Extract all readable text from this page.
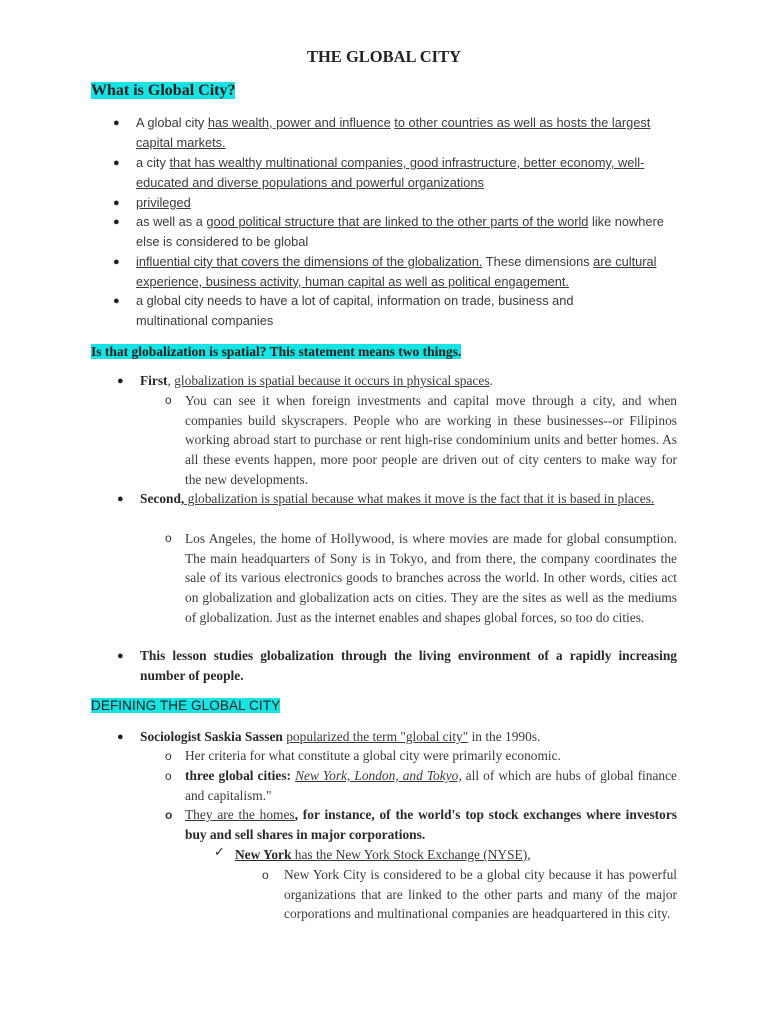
THE GLOBAL CITY
What is Global City?
● A global city has wealth, power and influence to other countries as well as hosts the largest capital markets.
● a city that has wealthy multinational companies, good infrastructure, better economy, well-educated and diverse populations and powerful organizations
● privileged
● as well as a good political structure that are linked to the other parts of the world like nowhere else is considered to be global
● influential city that covers the dimensions of the globalization. These dimensions are cultural experience, business activity, human capital as well as political engagement.
● a global city needs to have a lot of capital, information on trade, business and multinational companies
Is that globalization is spatial? This statement means two things.
● First, globalization is spatial because it occurs in physical spaces.
o You can see it when foreign investments and capital move through a city, and when companies build skyscrapers. People who are working in these businesses--or Filipinos working abroad start to purchase or rent high-rise condominium units and better homes. As all these events happen, more poor people are driven out of city centers to make way for the new developments.
● Second, globalization is spatial because what makes it move is the fact that it is based in places.
o Los Angeles, the home of Hollywood, is where movies are made for global consumption. The main headquarters of Sony is in Tokyo, and from there, the company coordinates the sale of its various electronics goods to branches across the world. In other words, cities act on globalization and globalization acts on cities. They are the sites as well as the mediums of globalization. Just as the internet enables and shapes global forces, so too do cities.
● This lesson studies globalization through the living environment of a rapidly increasing number of people.
DEFINING THE GLOBAL CITY
● Sociologist Saskia Sassen popularized the term "global city" in the 1990s.
o Her criteria for what constitute a global city were primarily economic.
o three global cities: New York, London, and Tokyo, all of which are hubs of global finance and capitalism."
o They are the homes, for instance, of the world's top stock exchanges where investors buy and sell shares in major corporations.
✓ New York has the New York Stock Exchange (NYSE),
o New York City is considered to be a global city because it has powerful organizations that are linked to the other parts and many of the major corporations and multinational companies are headquartered in this city.
